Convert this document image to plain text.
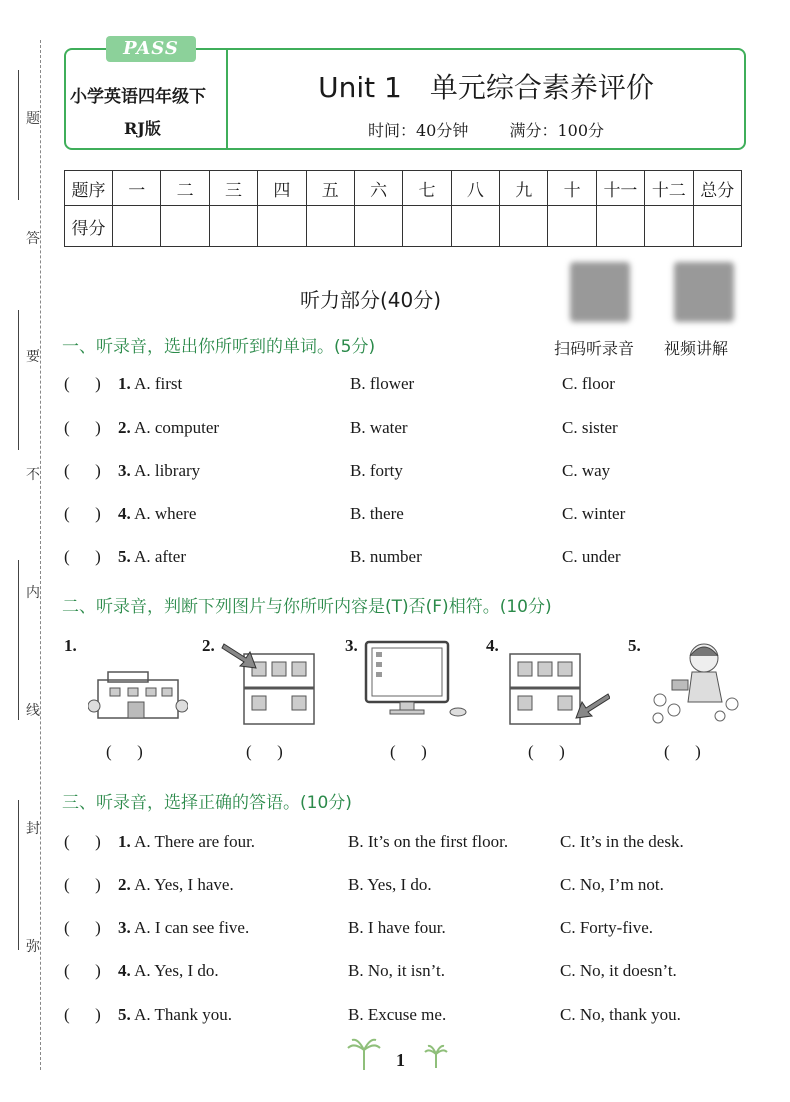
题
答
要
不
内
线
封
弥
PASS
小学英语四年级下
RJ版
Unit 1　单元综合素养评价
时间：40分钟	满分：100分
题序	一	二	三	四	五	六	七	八	九	十	十一	十二	总分
得分													
听力部分(40分)
扫码听录音 视频讲解
一、听录音，选出你所听到的单词。(5分)
(      ) 1. A. first	B. flower	C. floor
(      ) 2. A. computer	B. water	C. sister
(      ) 3. A. library	B. forty	C. way
(      ) 4. A. where	B. there	C. winter
(      ) 5. A. after	B. number	C. under
二、听录音，判断下列图片与你所听内容是(T)否(F)相符。(10分)
1.
(      )
2.
(      )
3.
(      )
4.
(      )
5.
(      )
三、听录音，选择正确的答语。(10分)
(      ) 1. A. There are four.	B. It’s on the first floor.	C. It’s in the desk.
(      ) 2. A. Yes, I have.	B. Yes, I do.	C. No, I’m not.
(      ) 3. A. I can see five.	B. I have four.	C. Forty-five.
(      ) 4. A. Yes, I do.	B. No, it isn’t.	C. No, it doesn’t.
(      ) 5. A. Thank you.	B. Excuse me.	C. No, thank you.
1
